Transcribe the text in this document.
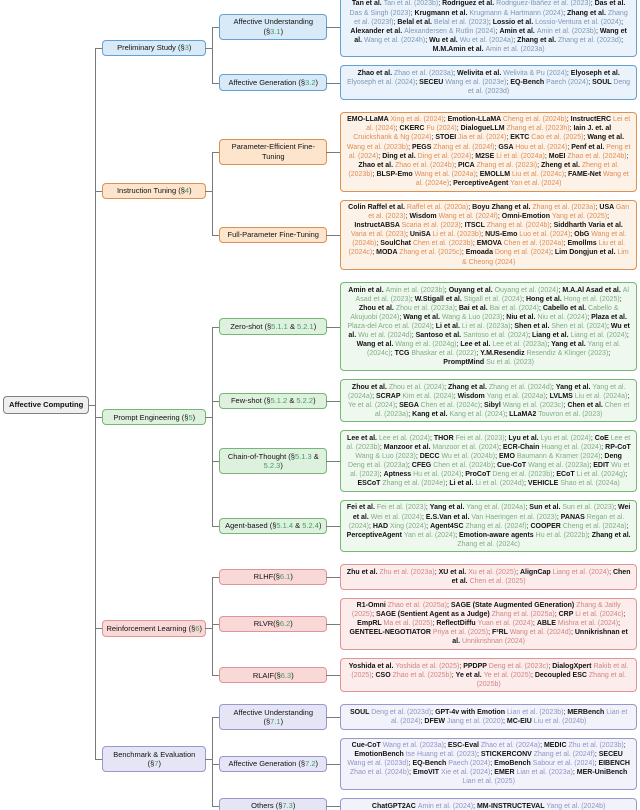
Affective Computing
Preliminary Study (§3)
Affective Understanding (§3.1)
Tan et al. Tan et al. (2023b); Rodriguez et al. Rodriguez-Ibáñez et al. (2023); Das et al. Das & Singh (2023); Krugmann et al. Krugmann & Hartmann (2024); Zhang et al. Zhang et al. (2023f); Belal et al. Belal et al. (2023); Lossio et al. Lossio-Ventura et al. (2024); Alexander et al. Alexandersen & Rutlin (2024); Amin et al. Amin et al. (2023b); Wang et al. Wang et al. (2024h); Wu et al. Wu et al. (2024a); Zhang et al. Zhang et al. (2023d); M.M.Amin et al. Amin et al. (2023a)
Affective Generation (§3.2)
Zhao et al. Zhao et al. (2023a); Welivita et al. Welivita & Pu (2024); Elyoseph et al. Elyoseph et al. (2024); SECEU Wang et al. (2023e); EQ-Bench Paech (2024); SOUL Deng et al. (2023d)
Instruction Tuning (§4)
Parameter-Efficient Fine-Tuning
EMO-LLaMA Xing et al. (2024); Emotion-LLaMA Cheng et al. (2024b); InstructERC Lei et al. (2024); CKERC Fu (2024); DialogueLLM Zhang et al. (2023h); Iain J. et. al Cruickshank & Ng (2024); STOEI Jia et al. (2024); EKTC Cao et al. (2025); Wang et al. Wang et al. (2023b); PEGS Zhang et al. (2024f); GSA Hou et al. (2024); Penf et al. Peng et al. (2024); Ding et al. Ding et al. (2024); M2SE Li et al. (2024a); MoEI Zhao et al. (2024b); Zhao et al. Zhao et al. (2024b); PICA Zhang et al. (2023i); Zheng et al. Zheng et al. (2023b); BLSP-Emo Wang et al. (2024a); EMOLLM Liu et al. (2024c); FAME-Net Wang et al. (2024e); PerceptiveAgent Yan et al. (2024)
Full-Parameter Fine-Tuning
Colin Raffel et al. Raffel et al. (2020a); Boyu Zhang et al. Zhang et al. (2023a); USA Gan et al. (2023); Wisdom Wang et al. (2024f); Omni-Emotion Yang et al. (2025); InstructABSA Scaria et al. (2023); ITSCL Zhang et al. (2024b); Siddharth Varia et al. Varia et al. (2023); UniSA Li et al. (2023b); NUS-Emo Luo et al. (2024); ObG Wang et al. (2024b); SoulChat Chen et al. (2023b); EMOVA Chen et al. (2024a); Emollms Liu et al. (2024c); MODA Zhang et al. (2025c); Emoada Dong et al. (2024); Lim Dongjun et al. Lim & Cheong (2024)
Prompt Engineering (§5)
Zero-shot (§5.1.1 & 5.2.1)
Amin et al. Amin et al. (2023b); Ouyang et al. Ouyang et al. (2024); M.A.Al Asad et al. Al Asad et al. (2023); W.Stigall et al. Stigall et al. (2024); Hong et al. Hong et al. (2025); Zhou et al. Zhou et al. (2023a); Bai et al. Bai et al. (2024); Cabello et al. Cabello & Akujuobi (2024); Wang et al. Wang & Luo (2023); Niu et al. Niu et al. (2024); Plaza et al. Plaza-del Arco et al. (2024); Li et al. Li et al. (2023a); Shen et al. Shen et al. (2024); Wu et al. Wu et al. (2024d); Santoso et al. Santoso et al. (2024); Liang et al. Liang et al. (2024); Wang et al. Wang et al. (2024g); Lee et al. Lee et al. (2023a); Yang et al. Yang et al. (2024c); TCG Bhaskar et al. (2022); Y.M.Resendiz Resendiz & Klinger (2023); PromptMind Su et al. (2023)
Few-shot (§5.1.2 & 5.2.2)
Zhou et al. Zhou et al. (2024); Zhang et al. Zhang et al. (2024d); Yang et al. Yang et al. (2024a); SCRAP Kim et al. (2024); Wisdom Yang et al. (2024a); LVLMS Liu et al. (2024a); Ye et al. (2024); SEGA Chen et al. (2024c); Sibyl Wang et al. (2023c); Chen et al. Chen et al. (2023a); Kang et al. Kang et al. (2024); LLaMA2 Touvron et al. (2023)
Chain-of-Thought (§5.1.3 & 5.2.3)
Lee et al. Lee et al. (2024); THOR Fei et al. (2023); Lyu et al. Lyu et al. (2024); CoE Lee et al. (2023b); Manzoor et al. Manzoor et al. (2024); ECR-Chain Huang et al. (2024); RP-CoT Wang & Luo (2023); DECC Wu et al. (2024b); EMO Baumann & Kramer (2024); Deng Deng et al. (2023a); CFEG Chen et al. (2024b); Cue-CoT Wang et al. (2023a); EDIT Wu et al. (2023); Aptness Hu et al. (2024); ProCoT Deng et al. (2023b); ECoT Li et al. (2024g); ESCoT Zhang et al. (2024e); Li et al. Li et al. (2024d); VEHICLE Shao et al. (2024a)
Agent-based (§5.1.4 & 5.2.4)
Fei et al. Fei et al. (2023); Yang et al. Yang et al. (2024a); Sun et al. Sun et al. (2023); Wei et al. Wei et al. (2024); E.S.Van et al. Van Haeringen et al. (2023); PANAS Regan et al. (2024); HAD Xing (2024); Agent4SC Zhang et al. (2024f); COOPER Cheng et al. (2024a); PerceptiveAgent Yan et al. (2024); Emotion-aware agents Hu et al. (2022b); Zhang et al. Zhang et al. (2024c)
Reinforcement Learning (§6)
RLHF(§6.1)	Zhu et al. Zhu et al. (2023a); XU et al. Xu et al. (2025); AlignCap Liang et al. (2024); Chen et al. Chen et al. (2025)
RLVR(§6.2)
R1-Omni Zhao et al. (2025a); SAGE (State Augmented GEneration) Zhang & Jaitly (2025); SAGE (Sentient Agent as a Judge) Zhang et al. (2025a); CRP Li et al. (2024c); EmpRL Ma et al. (2025); ReflectDiffu Yuan et al. (2024); ABLE Mishra et al. (2024); GENTEEL-NEGOTIATOR Priya et al. (2025); F²RL Wang et al. (2024d); Unnikrishnan et al. Unnikrishnan (2024)
RLAIF(§6.3)
Yoshida et al. Yoshida et al. (2025); PPDPP Deng et al. (2023c); DialogXpert Rakib et al. (2025); CSO Zhao et al. (2025b); Ye et al. Ye et al. (2025); Decoupled ESC Zhang et al. (2025b)
Benchmark & Evaluation (§7)
Affective Understanding (§7.1)
SOUL Deng et al. (2023d); GPT-4v with Emotion Lian et al. (2023b); MERBench Lian et al. (2024); DFEW Jiang et al. (2020); MC-EIU Liu et al. (2024b)
Affective Generation (§7.2)
Cue-CoT Wang et al. (2023a); ESC-Eval Zhao et al. (2024a); MEDIC Zhu et al. (2023b); EmotionBench tse Huang et al. (2023); STICKERCONV Zhang et al. (2024f); SECEU Wang et al. (2023d); EQ-Bench Paech (2024); EmoBench Sabour et al. (2024); EIBENCH Zhao et al. (2024b); EmoVIT Xie et al. (2024); EMER Lian et al. (2023a); MER-UniBench Lian et al. (2025)
Others (§7.3)	ChatGPT2AC Amin et al. (2024); MM-INSTRUCTEVAL Yang et al. (2024b)
